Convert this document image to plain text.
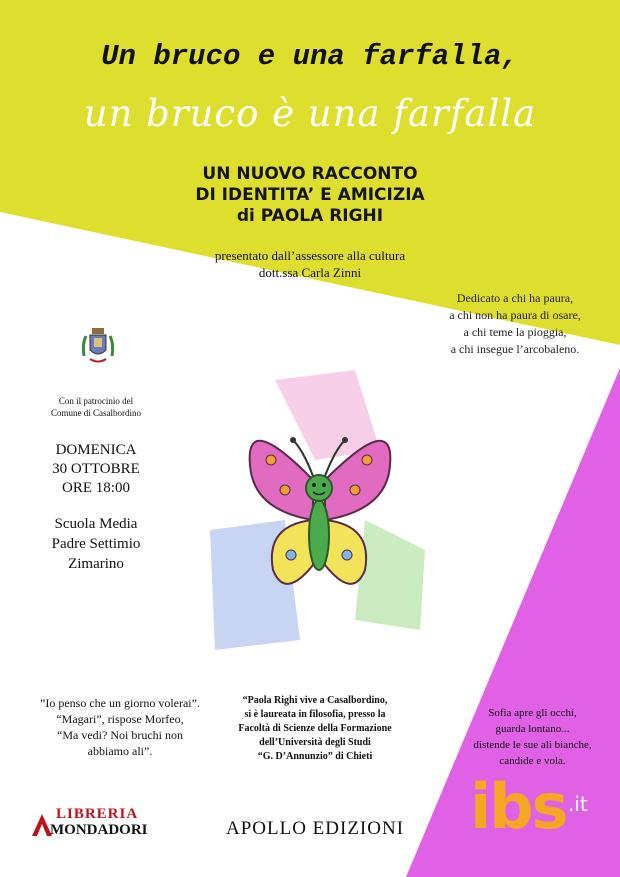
Un bruco e una farfalla,
un bruco è una farfalla
UN NUOVO RACCONTO
DI IDENTITA’ E AMICIZIA
di PAOLA RIGHI
presentato dall’assessore alla cultura
dott.ssa Carla Zinni
Dedicato a chi ha paura,
a chi non ha paura di osare,
a chi teme la pioggia,
a chi insegue l’arcobaleno.
Con il patrocinio del
Comune di Casalbordino
DOMENICA
30 OTTOBRE
ORE 18:00
Scuola Media
Padre Settimio
Zimarino
”Io penso che un giorno volerai”.
“Magari”, rispose Morfeo,
“Ma vedi? Noi bruchi non
abbiamo ali”.
“Paola Righi vive a Casalbordino,
si è laureata in filosofia, presso la
Facoltà di Scienze della Formazione
dell’Università degli Studi
“G. D’Annunzio” di Chieti
Sofia apre gli occhi,
guarda lontano...
distende le sue ali bianche,
candide e vola.
LIBRERIA
MONDADORI	APOLLO EDIZIONI ibs .it
